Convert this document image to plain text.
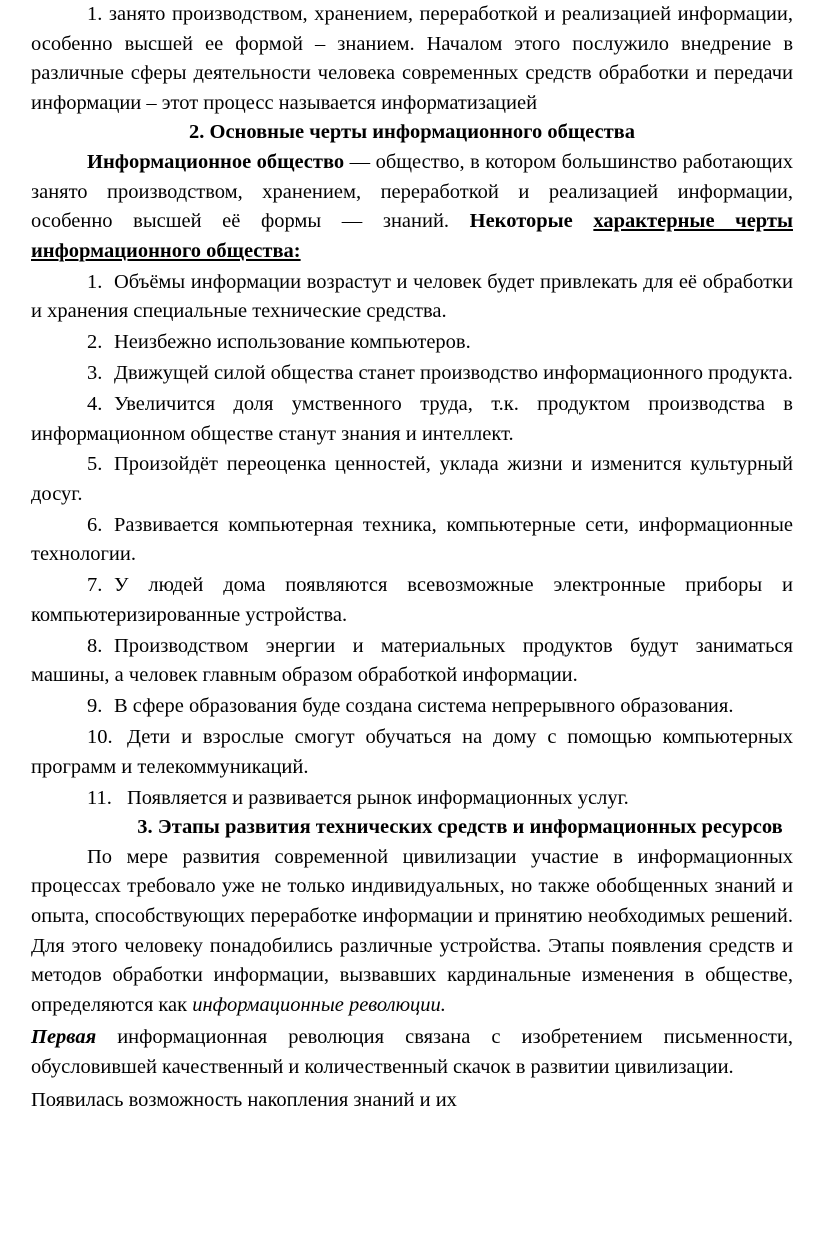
1. занято производством, хранением, переработкой и реализацией информации, особенно высшей ее формой – знанием. Началом этого послужило внедрение в различные сферы деятельности человека современных средств обработки и передачи информации – этот процесс называется информатизацией

2. Основные черты информационного общества

Информационное общество — общество, в котором большинство работающих занято производством, хранением, переработкой и реализацией информации, особенно высшей её формы — знаний. Некоторые характерные черты информационного общества:

1. Объёмы информации возрастут и человек будет привлекать для её обработки и хранения специальные технические средства.

2. Неизбежно использование компьютеров.

3. Движущей силой общества станет производство информационного продукта.

4. Увеличится доля умственного труда, т.к. продуктом производства в информационном обществе станут знания и интеллект.

5. Произойдёт переоценка ценностей, уклада жизни и изменится культурный досуг.

6. Развивается компьютерная техника, компьютерные сети, информационные технологии.

7. У людей дома появляются всевозможные электронные приборы и компьютеризированные устройства.

8. Производством энергии и материальных продуктов будут заниматься машины, а человек главным образом обработкой информации.

9. В сфере образования буде создана система непрерывного образования.

10. Дети и взрослые смогут обучаться на дому с помощью компьютерных программ и телекоммуникаций.

11. Появляется и развивается рынок информационных услуг.

3. Этапы развития технических средств и информационных ресурсов

По мере развития современной цивилизации участие в информационных процессах требовало уже не только индивидуальных, но также обобщенных знаний и опыта, способствующих переработке информации и принятию необходимых решений. Для этого человеку понадобились различные устройства. Этапы появления средств и методов обработки информации, вызвавших кардинальные изменения в обществе, определяются как информационные революции.

Первая информационная революция связана с изобретением письменности, обусловившей качественный и количественный скачок в развитии цивилизации.

Появилась возможность накопления знаний и их
